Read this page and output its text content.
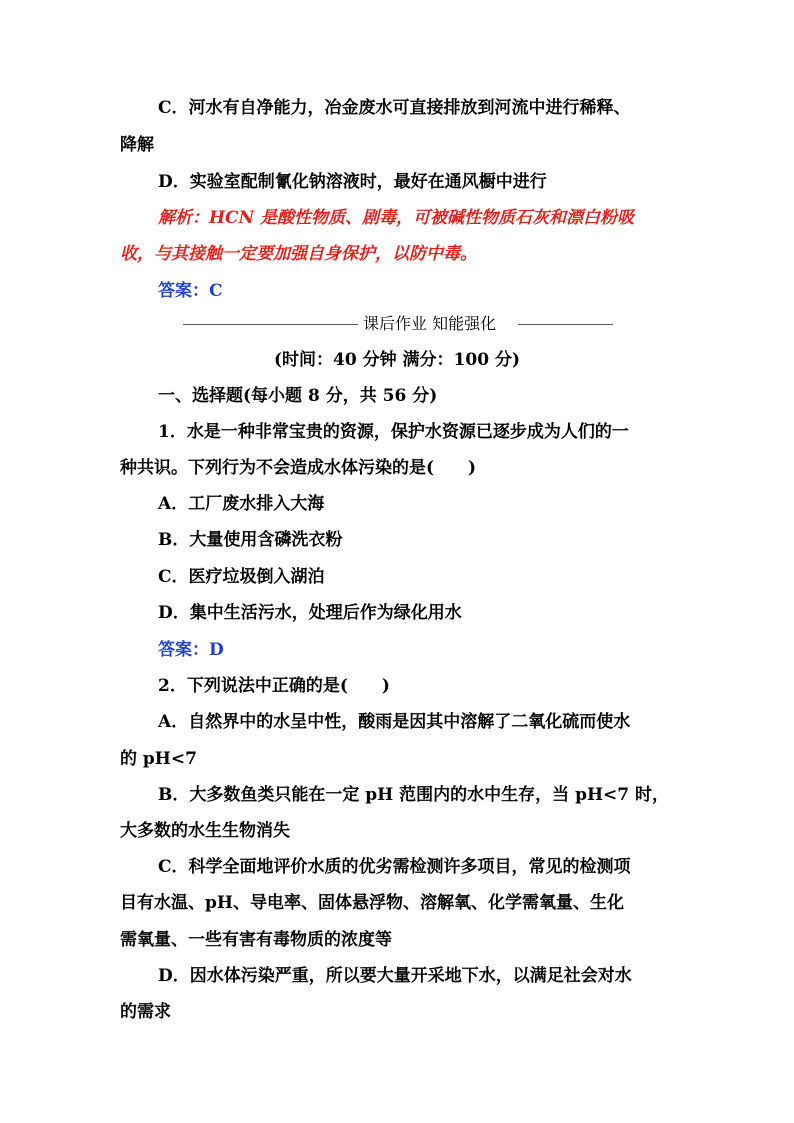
C．河水有自净能力，冶金废水可直接排放到河流中进行稀释、
降解
D．实验室配制氰化钠溶液时，最好在通风橱中进行
解析：HCN 是酸性物质、剧毒，可被碱性物质石灰和漂白粉吸
收，与其接触一定要加强自身保护，以防中毒。
答案：C
课后作业 知能强化
(时间：40 分钟 满分：100 分)
一、选择题(每小题 8 分，共 56 分)
1．水是一种非常宝贵的资源，保护水资源已逐步成为人们的一
种共识。下列行为不会造成水体污染的是(　　)
A．工厂废水排入大海
B．大量使用含磷洗衣粉
C．医疗垃圾倒入湖泊
D．集中生活污水，处理后作为绿化用水
答案：D
2．下列说法中正确的是(　　)
A．自然界中的水呈中性，酸雨是因其中溶解了二氧化硫而使水
的 pH<7
B．大多数鱼类只能在一定 pH 范围内的水中生存，当 pH<7 时，
大多数的水生生物消失
C．科学全面地评价水质的优劣需检测许多项目，常见的检测项
目有水温、pH、导电率、固体悬浮物、溶解氧、化学需氧量、生化
需氧量、一些有害有毒物质的浓度等
D．因水体污染严重，所以要大量开采地下水，以满足社会对水
的需求
